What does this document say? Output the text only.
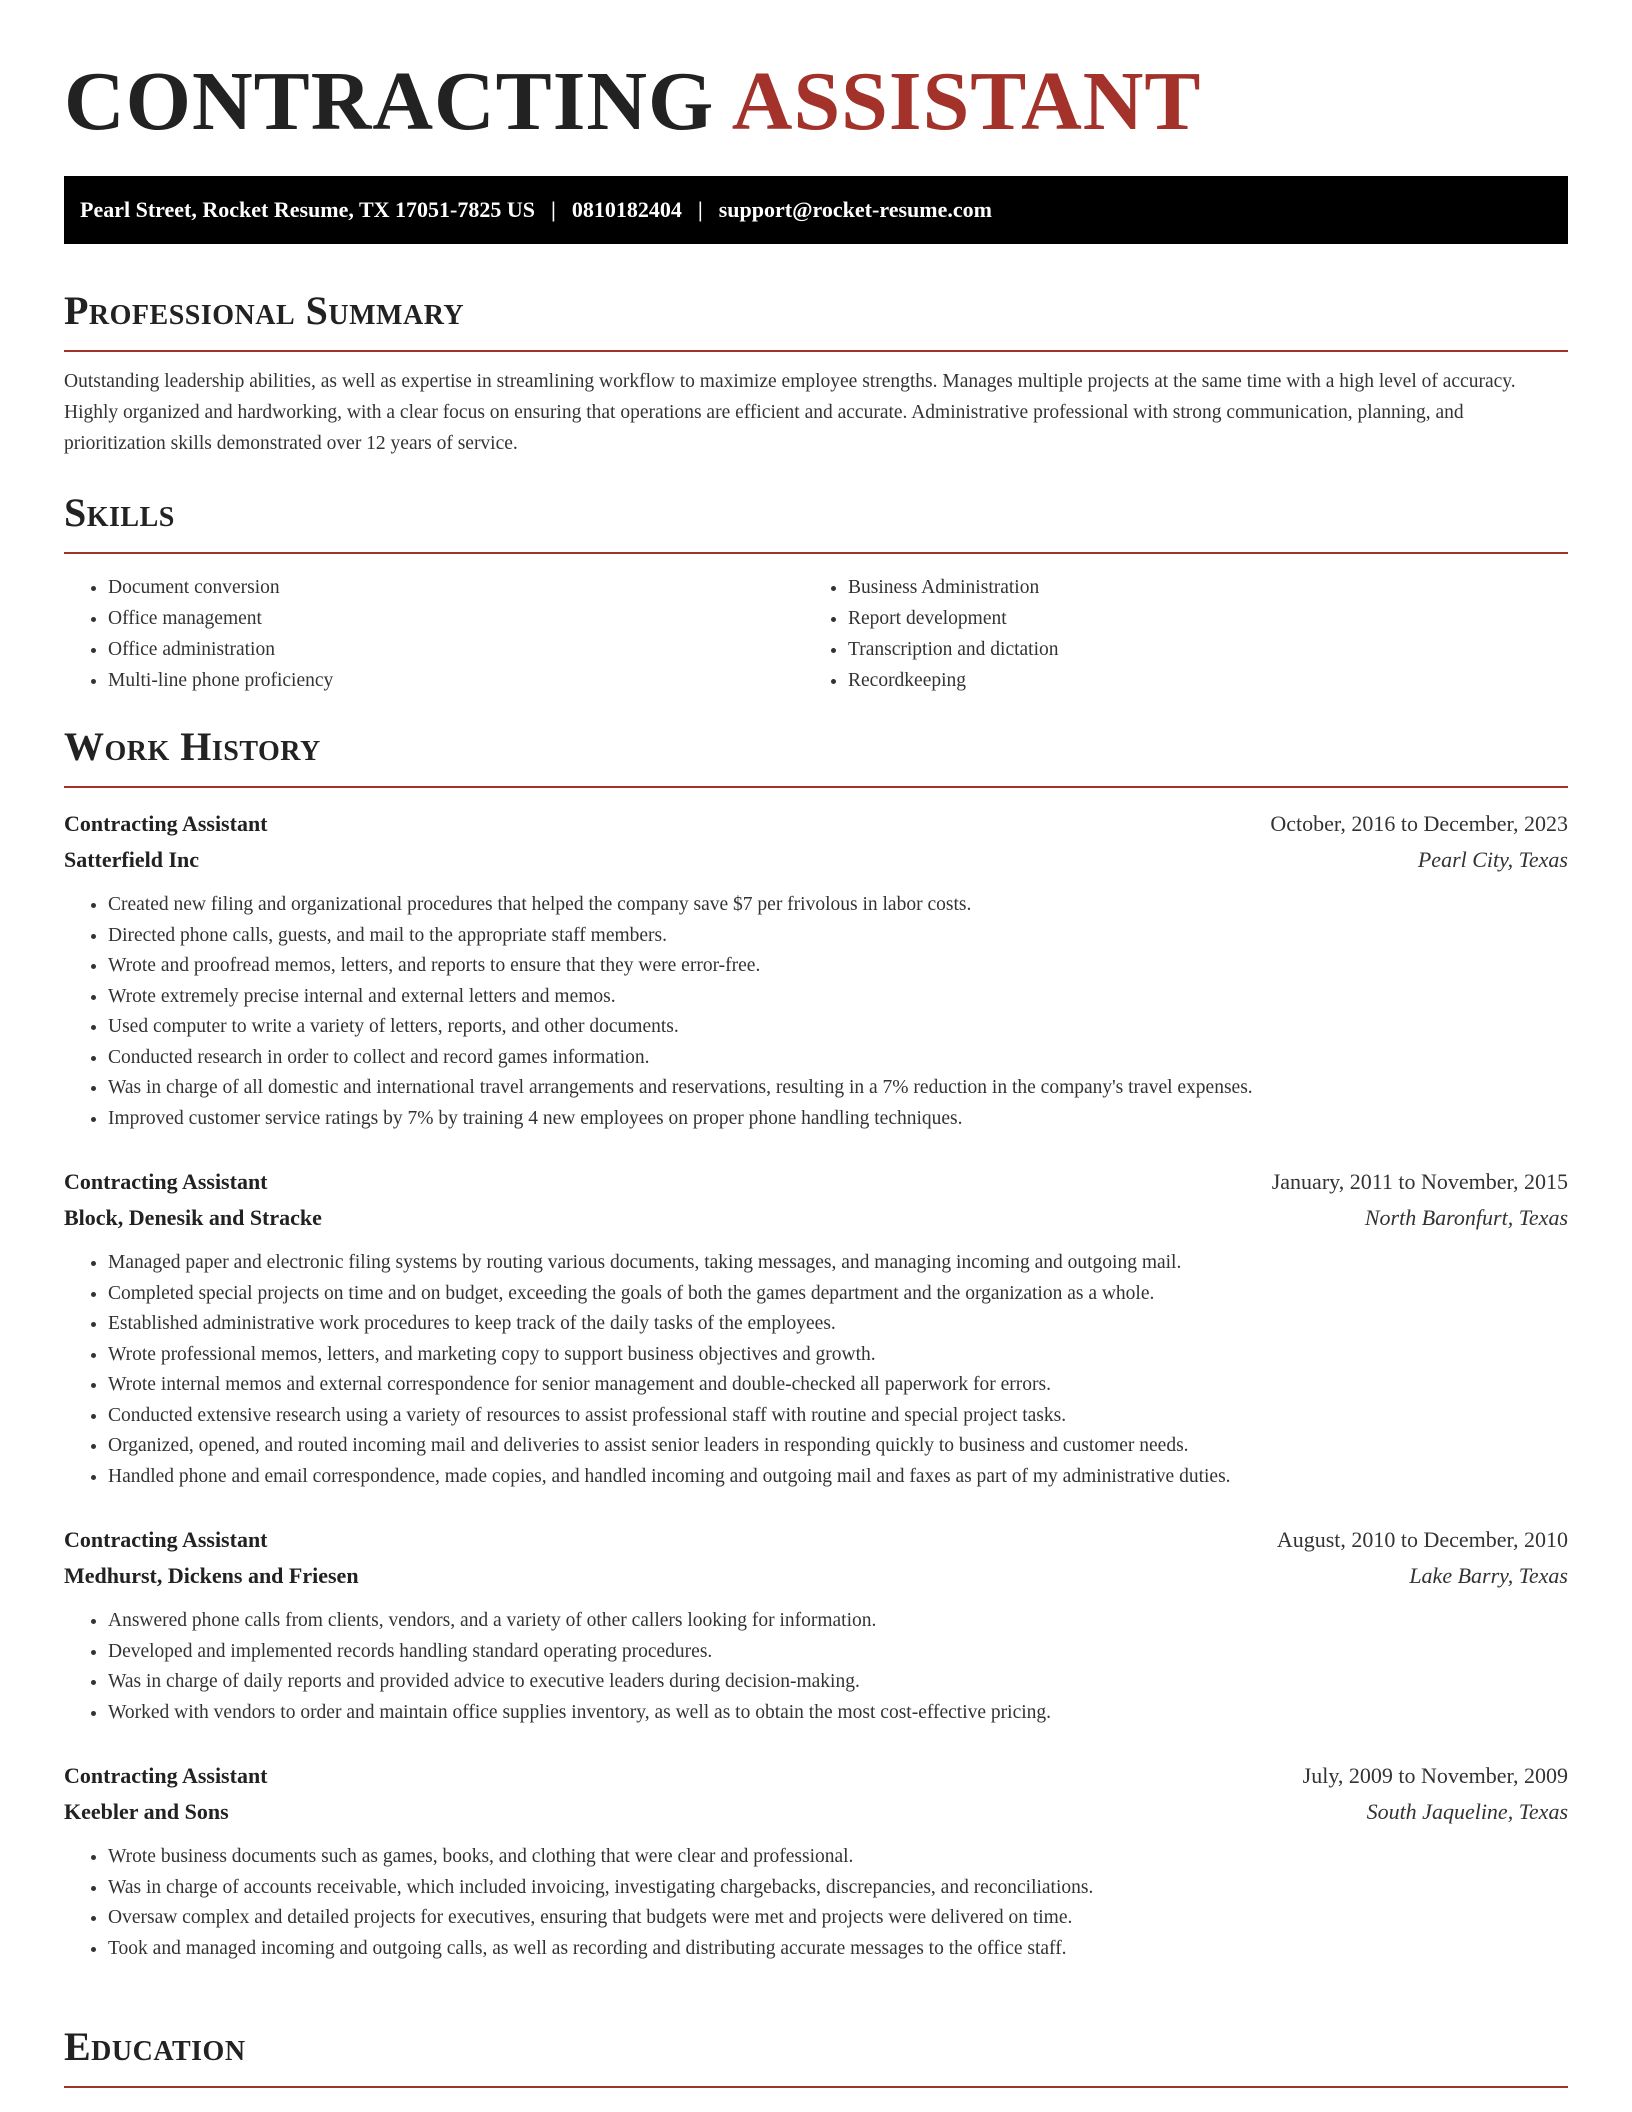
CONTRACTING ASSISTANT
Pearl Street, Rocket Resume, TX 17051-7825 US | 0810182404 | support@rocket-resume.com
Professional Summary

Outstanding leadership abilities, as well as expertise in streamlining workflow to maximize employee strengths. Manages multiple projects at the same time with a high level of accuracy. Highly organized and hardworking, with a clear focus on ensuring that operations are efficient and accurate. Administrative professional with strong communication, planning, and prioritization skills demonstrated over 12 years of service.

Skills
• Document conversion
• Office management
• Office administration
• Multi-line phone proficiency
• Business Administration
• Report development
• Transcription and dictation
• Recordkeeping
Work History
Contracting Assistant	October, 2016 to December, 2023
Satterfield Inc	Pearl City, Texas
• Created new filing and organizational procedures that helped the company save $7 per frivolous in labor costs.
• Directed phone calls, guests, and mail to the appropriate staff members.
• Wrote and proofread memos, letters, and reports to ensure that they were error-free.
• Wrote extremely precise internal and external letters and memos.
• Used computer to write a variety of letters, reports, and other documents.
• Conducted research in order to collect and record games information.
• Was in charge of all domestic and international travel arrangements and reservations, resulting in a 7% reduction in the company's travel expenses.
• Improved customer service ratings by 7% by training 4 new employees on proper phone handling techniques.
Contracting Assistant	January, 2011 to November, 2015
Block, Denesik and Stracke	North Baronfurt, Texas
• Managed paper and electronic filing systems by routing various documents, taking messages, and managing incoming and outgoing mail.
• Completed special projects on time and on budget, exceeding the goals of both the games department and the organization as a whole.
• Established administrative work procedures to keep track of the daily tasks of the employees.
• Wrote professional memos, letters, and marketing copy to support business objectives and growth.
• Wrote internal memos and external correspondence for senior management and double-checked all paperwork for errors.
• Conducted extensive research using a variety of resources to assist professional staff with routine and special project tasks.
• Organized, opened, and routed incoming mail and deliveries to assist senior leaders in responding quickly to business and customer needs.
• Handled phone and email correspondence, made copies, and handled incoming and outgoing mail and faxes as part of my administrative duties.
Contracting Assistant	August, 2010 to December, 2010
Medhurst, Dickens and Friesen	Lake Barry, Texas
• Answered phone calls from clients, vendors, and a variety of other callers looking for information.
• Developed and implemented records handling standard operating procedures.
• Was in charge of daily reports and provided advice to executive leaders during decision-making.
• Worked with vendors to order and maintain office supplies inventory, as well as to obtain the most cost-effective pricing.
Contracting Assistant	July, 2009 to November, 2009
Keebler and Sons	South Jaqueline, Texas
• Wrote business documents such as games, books, and clothing that were clear and professional.
• Was in charge of accounts receivable, which included invoicing, investigating chargebacks, discrepancies, and reconciliations.
• Oversaw complex and detailed projects for executives, ensuring that budgets were met and projects were delivered on time.
• Took and managed incoming and outgoing calls, as well as recording and distributing accurate messages to the office staff.
Education
